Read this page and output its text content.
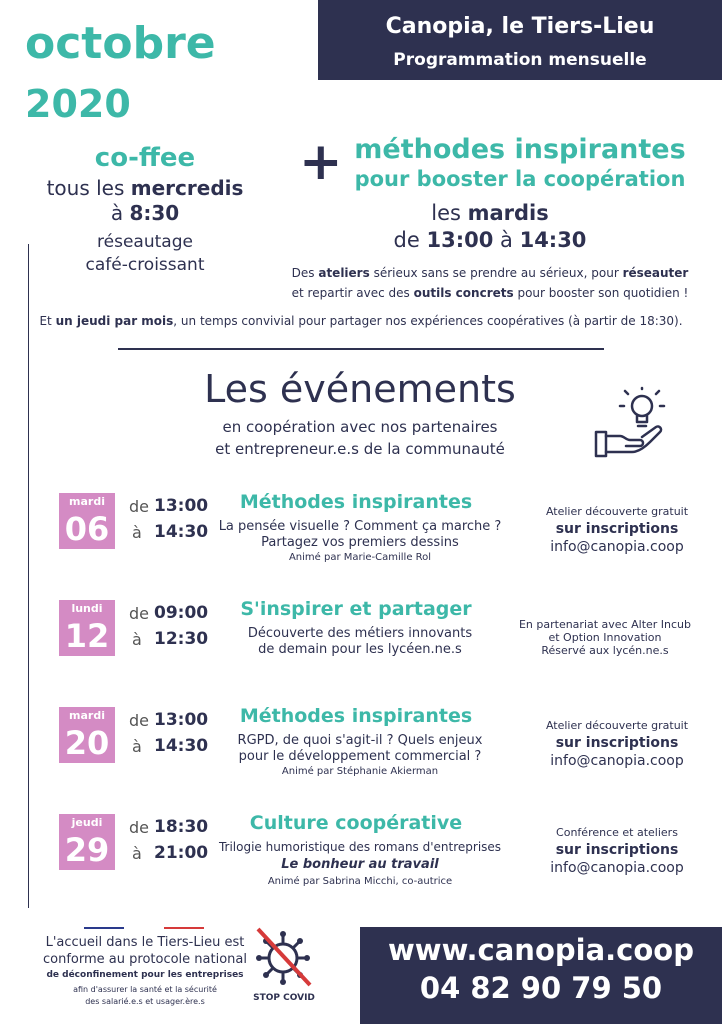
Canopia, le Tiers-Lieu
Programmation mensuelle
octobre
2020
co-ffee
tous les mercredis
à 8:30
réseautage
café-croissant
+ méthodes inspirantes
pour booster la coopération
les mardis
de 13:00 à 14:30
Des ateliers sérieux sans se prendre au sérieux, pour réseauter
et repartir avec des outils concrets pour booster son quotidien !
Et un jeudi par mois, un temps convivial pour partager nos expériences coopératives (à partir de 18:30).
Les événements
en coopération avec nos partenaires
et entrepreneur.e.s de la communauté
mardi
06
de 13:00
à 14:30
Méthodes inspirantes
La pensée visuelle ? Comment ça marche ?
Partagez vos premiers dessins
Animé par Marie-Camille Rol
Atelier découverte gratuit
sur inscriptions
info@canopia.coop
lundi
12
de 09:00
à 12:30
S'inspirer et partager
Découverte des métiers innovants
de demain pour les lycéen.ne.s
En partenariat avec Alter Incub
et Option Innovation
Réservé aux lycén.ne.s
mardi
20
de 13:00
à 14:30
Méthodes inspirantes
RGPD, de quoi s'agit-il ? Quels enjeux
pour le développement commercial ?
Animé par Stéphanie Akierman
Atelier découverte gratuit
sur inscriptions
info@canopia.coop
jeudi
29
de 18:30
à 21:00
Culture coopérative
Trilogie humoristique des romans d'entreprises
Le bonheur au travail
Animé par Sabrina Micchi, co-autrice
Conférence et ateliers
sur inscriptions
info@canopia.coop
L'accueil dans le Tiers-Lieu est
conforme au protocole national
de déconfinement pour les entreprises
afin d'assurer la santé et la sécurité
des salarié.e.s et usager.ère.s	STOP COVID
www.canopia.coop
04 82 90 79 50
